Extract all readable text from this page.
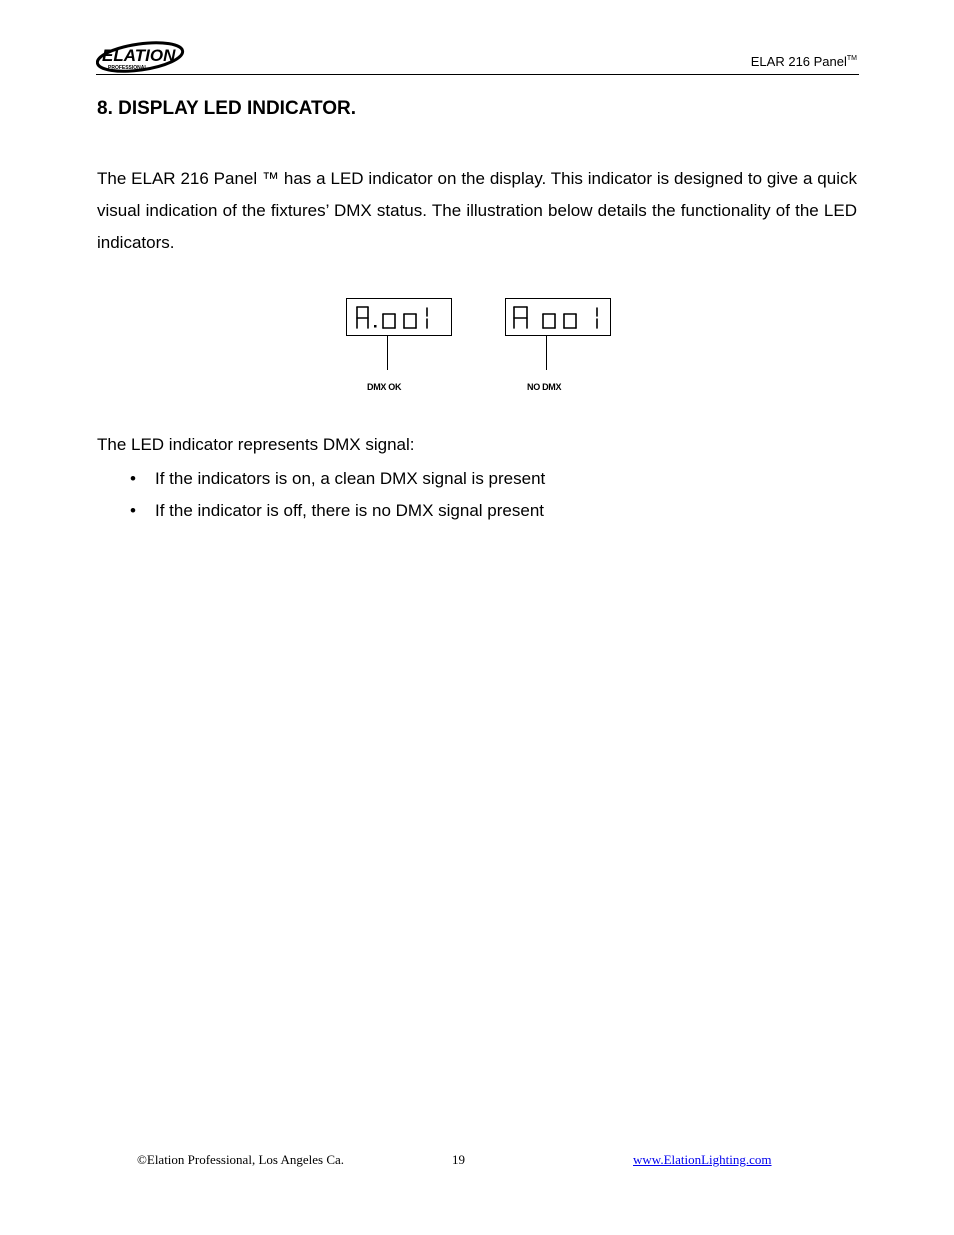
ELATION
PROFESSIONAL	ELAR 216 Panel™
8. DISPLAY LED INDICATOR.
The ELAR 216 Panel ™ has a LED indicator on the display. This indicator is designed to give a quick visual indication of the fixtures’ DMX status. The illustration below details the functionality of the LED indicators.
DMX OK	NO DMX
The LED indicator represents DMX signal:
• If the indicators is on, a clean DMX signal is present
• If the indicator is off, there is no DMX signal present
©Elation Professional, Los Angeles Ca.	19	www.ElationLighting.com
